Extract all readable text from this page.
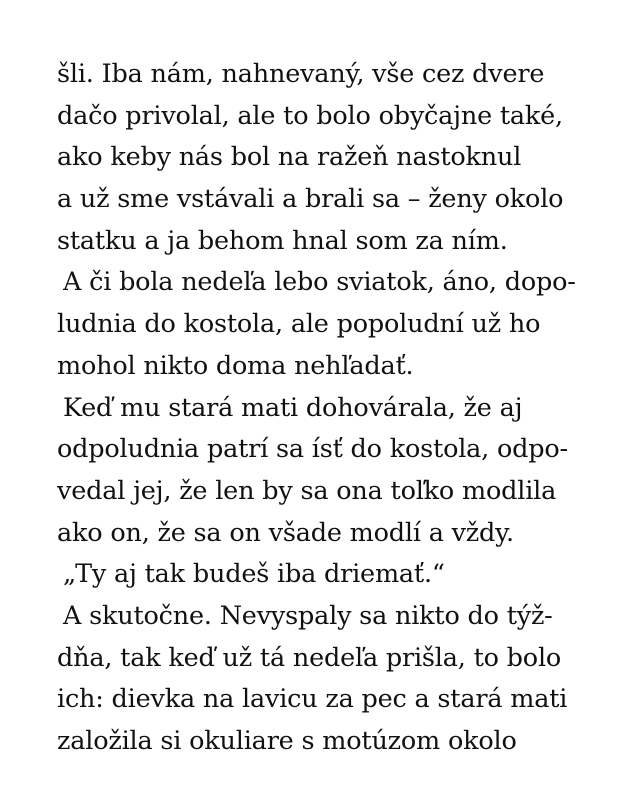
šli. Iba nám, nahnevaný, vše cez dvere
dačo privolal, ale to bolo obyčajne také,
ako keby nás bol na ražeň nastoknul
a už sme vstávali a brali sa – ženy okolo
statku a ja behom hnal som za ním.
A či bola nedeľa lebo sviatok, áno, dopo-
ludnia do kostola, ale popoludní už ho
mohol nikto doma nehľadať.
Keď mu stará mati dohovárala, že aj
odpoludnia patrí sa ísť do kostola, odpo-
vedal jej, že len by sa ona toľko modlila
ako on, že sa on všade modlí a vždy.
„Ty aj tak budeš iba driemať.“
A skutočne. Nevyspaly sa nikto do týž-
dňa, tak keď už tá nedeľa prišla, to bolo
ich: dievka na lavicu za pec a stará mati
založila si okuliare s motúzom okolo
